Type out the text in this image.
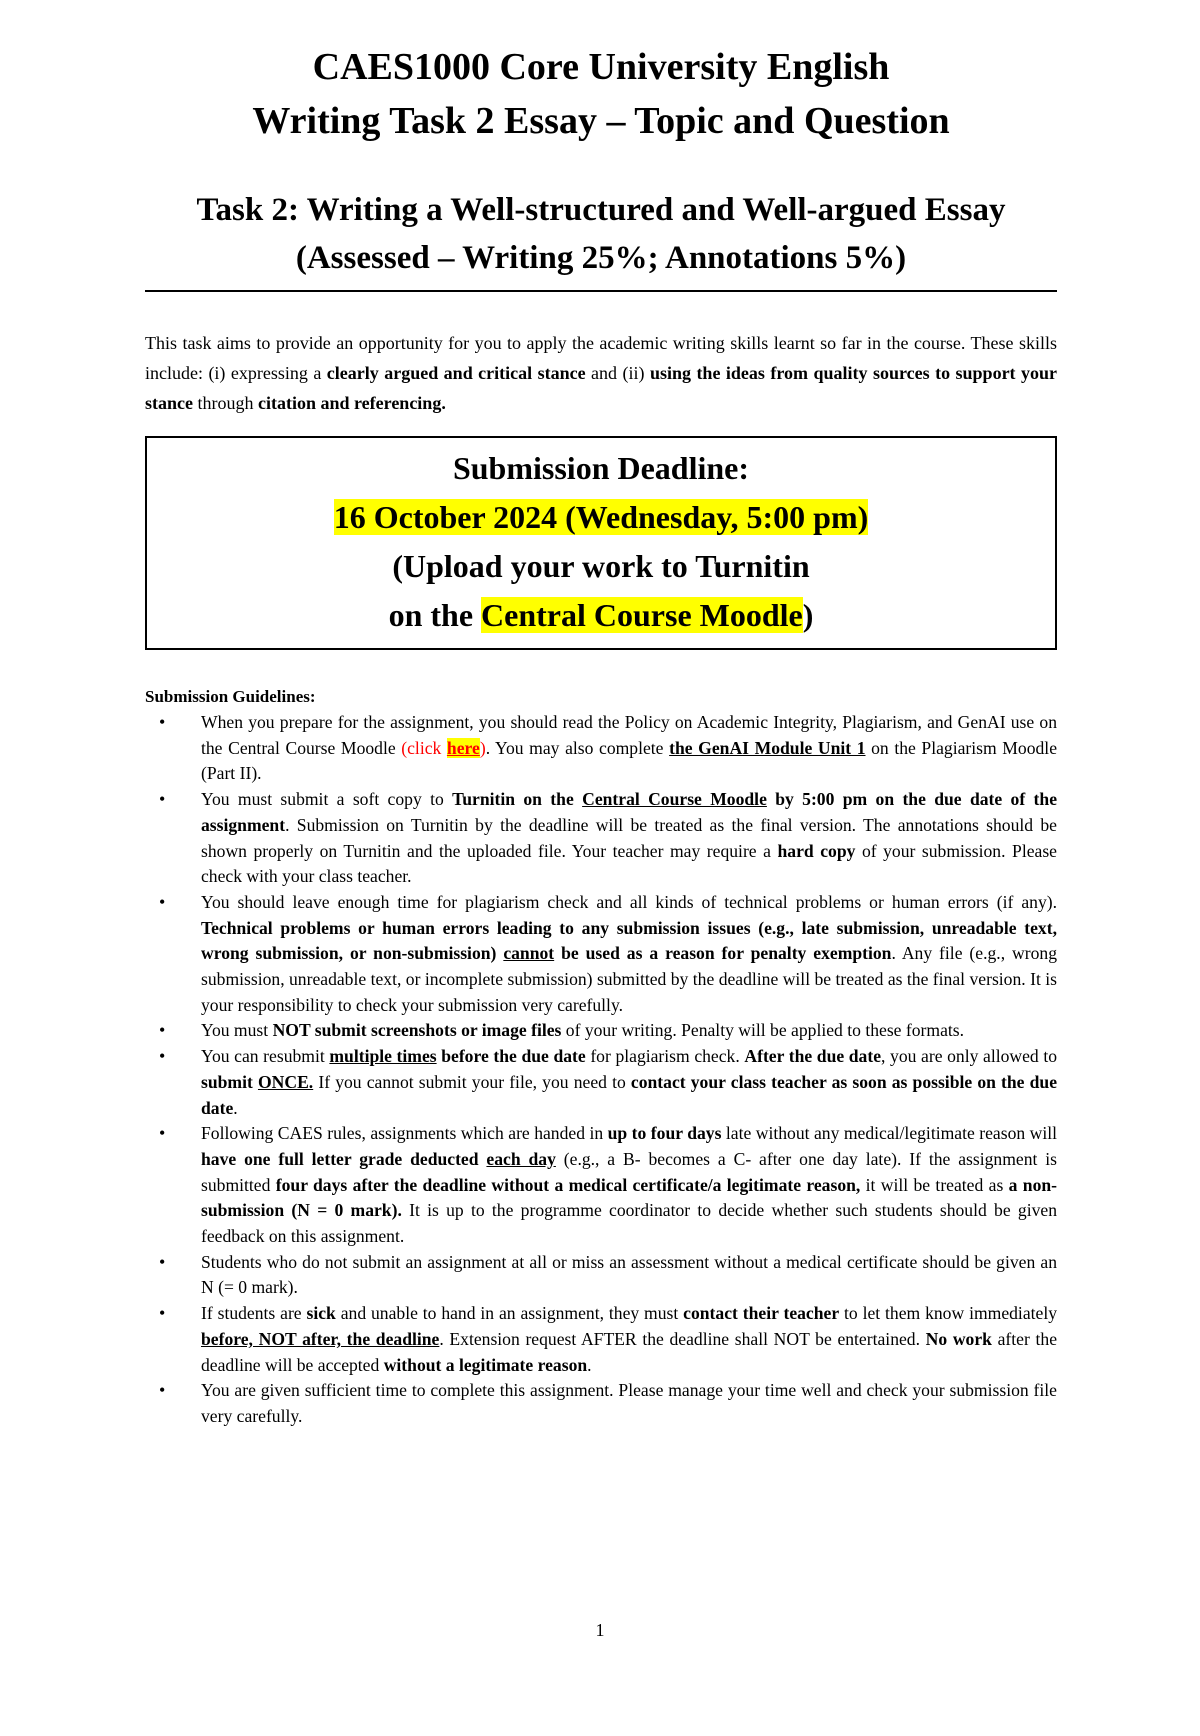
CAES1000 Core University English
Writing Task 2 Essay – Topic and Question
Task 2: Writing a Well-structured and Well-argued Essay
(Assessed – Writing 25%; Annotations 5%)

This task aims to provide an opportunity for you to apply the academic writing skills learnt so far in the course. These skills include: (i) expressing a clearly argued and critical stance and (ii) using the ideas from quality sources to support your stance through citation and referencing.

Submission Deadline:
16 October 2024 (Wednesday, 5:00 pm)
(Upload your work to Turnitin
on the Central Course Moodle)
Submission Guidelines:
• When you prepare for the assignment, you should read the Policy on Academic Integrity, Plagiarism, and GenAI use on the Central Course Moodle (click here). You may also complete the GenAI Module Unit 1 on the Plagiarism Moodle (Part II).
• You must submit a soft copy to Turnitin on the Central Course Moodle by 5:00 pm on the due date of the assignment. Submission on Turnitin by the deadline will be treated as the final version. The annotations should be shown properly on Turnitin and the uploaded file. Your teacher may require a hard copy of your submission. Please check with your class teacher.
• You should leave enough time for plagiarism check and all kinds of technical problems or human errors (if any). Technical problems or human errors leading to any submission issues (e.g., late submission, unreadable text, wrong submission, or non-submission) cannot be used as a reason for penalty exemption. Any file (e.g., wrong submission, unreadable text, or incomplete submission) submitted by the deadline will be treated as the final version. It is your responsibility to check your submission very carefully.
• You must NOT submit screenshots or image files of your writing. Penalty will be applied to these formats.
• You can resubmit multiple times before the due date for plagiarism check. After the due date, you are only allowed to submit ONCE. If you cannot submit your file, you need to contact your class teacher as soon as possible on the due date.
• Following CAES rules, assignments which are handed in up to four days late without any medical/legitimate reason will have one full letter grade deducted each day (e.g., a B- becomes a C- after one day late). If the assignment is submitted four days after the deadline without a medical certificate/a legitimate reason, it will be treated as a non-submission (N = 0 mark). It is up to the programme coordinator to decide whether such students should be given feedback on this assignment.
• Students who do not submit an assignment at all or miss an assessment without a medical certificate should be given an N (= 0 mark).
• If students are sick and unable to hand in an assignment, they must contact their teacher to let them know immediately before, NOT after, the deadline. Extension request AFTER the deadline shall NOT be entertained. No work after the deadline will be accepted without a legitimate reason.
• You are given sufficient time to complete this assignment. Please manage your time well and check your submission file very carefully.
1
